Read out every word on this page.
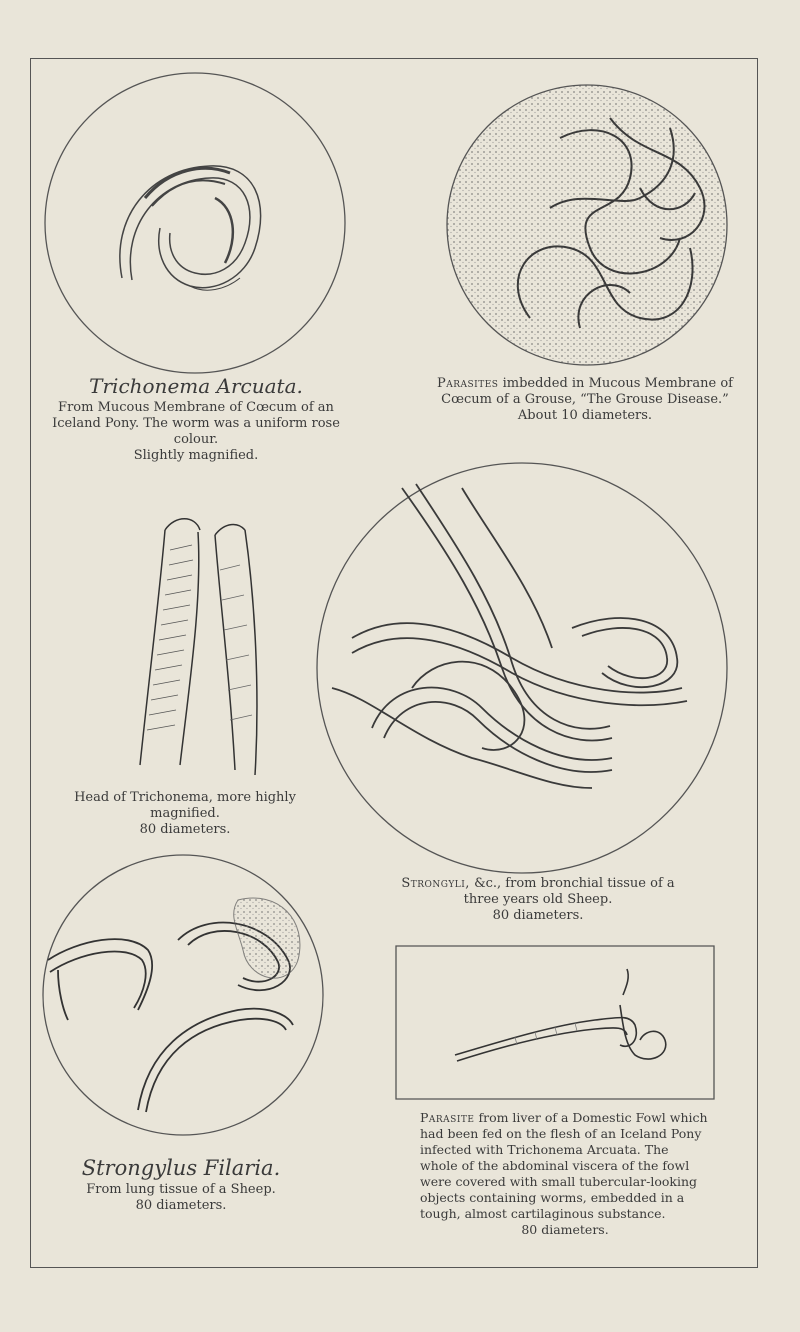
Trichonema Arcuata.
From Mucous Membrane of Cœcum of an Iceland Pony. The worm was a uniform rose colour.
Slightly magnified.
Parasites imbedded in Mucous Membrane of Cœcum of a Grouse, “The Grouse Disease.”
About 10 diameters.
Head of Trichonema, more highly magnified.
80 diameters.
Strongyli, &c., from bronchial tissue of a three years old Sheep.
80 diameters.
Strongylus Filaria.
From lung tissue of a Sheep.
80 diameters.
Parasite from liver of a Domestic Fowl which had been fed on the flesh of an Iceland Pony infected with Trichonema Arcuata. The whole of the abdominal viscera of the fowl were covered with small tubercular-looking objects containing worms, embedded in a tough, almost cartilaginous substance.

80 diameters.
